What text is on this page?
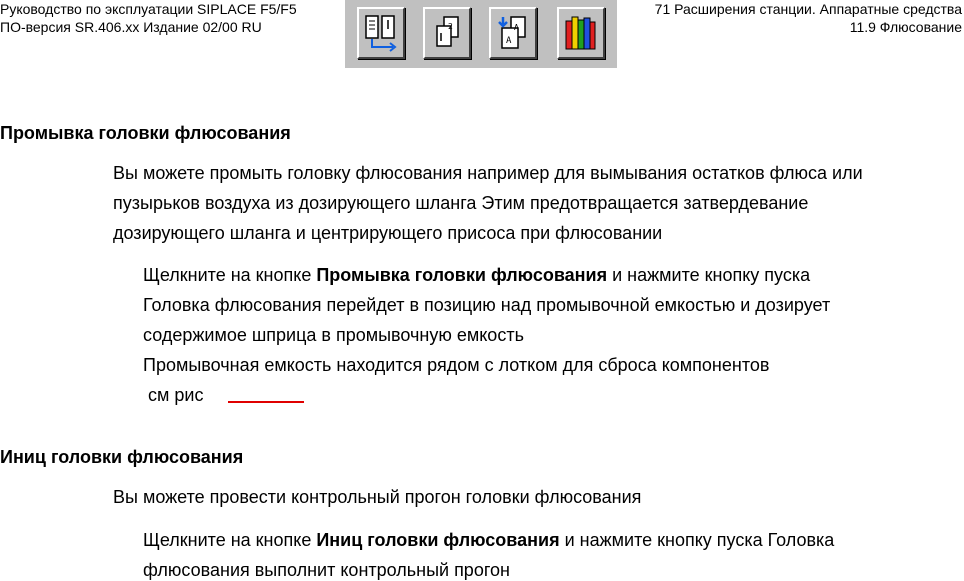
Руководство по эксплуатации SIPLACE F5/F5
ПО-версия SR.406.xx Издание 02/00 RU
71 Расширения станции. Аппаратные средства
11.9 Флюсование
2	A
A
Промывка головки флюсования
Вы можете промыть головку флюсования например для вымывания остатков флюса или
пузырьков воздуха из дозирующего шланга Этим предотвращается затвердевание
дозирующего шланга и центрирующего присоса при флюсовании
Щелкните на кнопке Промывка головки флюсования и нажмите кнопку пуска
Головка флюсования перейдет в позицию над промывочной емкостью и дозирует
содержимое шприца в промывочную емкость
Промывочная емкость находится рядом с лотком для сброса компонентов
см рис
Иниц головки флюсования
Вы можете провести контрольный прогон головки флюсования
Щелкните на кнопке Иниц головки флюсования и нажмите кнопку пуска Головка
флюсования выполнит контрольный прогон
